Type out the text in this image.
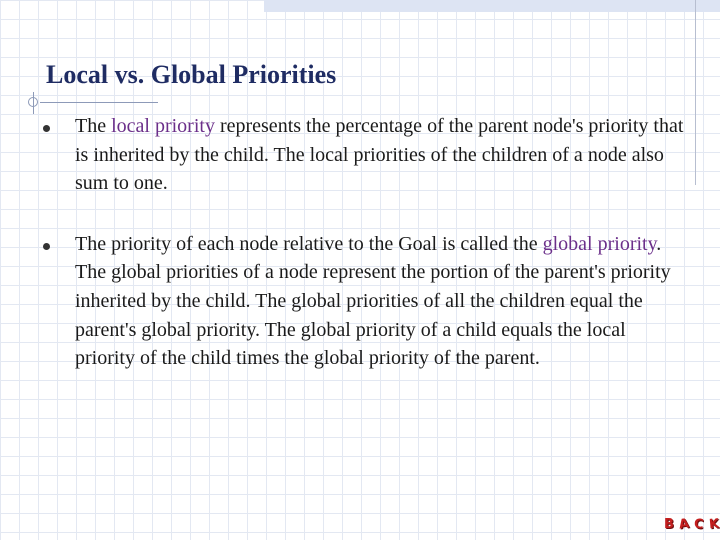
Local vs. Global Priorities
The local priority represents the percentage of the parent node's priority that is inherited by the child. The local priorities of the children of a node also sum to one.
The priority of each node relative to the Goal is called the global priority. The global priorities of a node represent the portion of the parent's priority inherited by the child. The global priorities of all the children equal the parent's global priority. The global priority of a child equals the local priority of the child times the global priority of the parent.
B A C K
